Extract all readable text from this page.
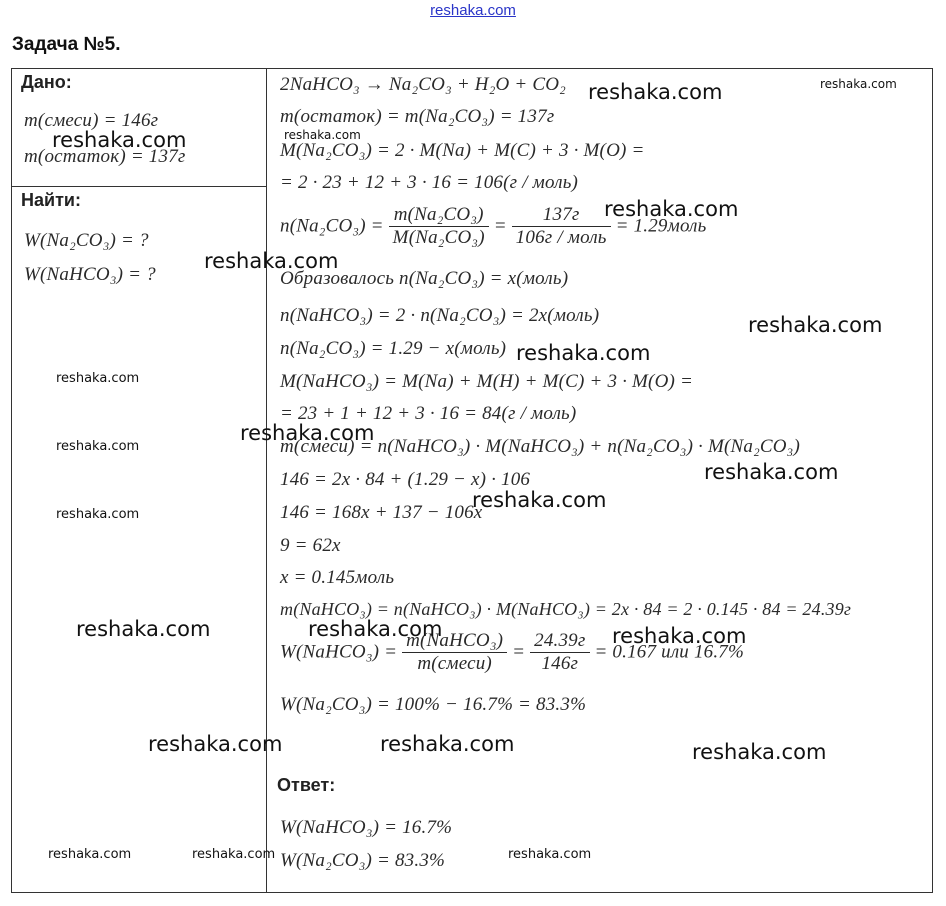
reshaka.com
Задача №5.
Дано:
m(смеси) = 146г
m(остаток) = 137г
Найти:
W(Na₂CO₃) = ?
W(NaHCO₃) = ?
2NaHCO₃ → Na₂CO₃ + H₂O + CO₂
m(остаток) = m(Na₂CO₃) = 137г
M(Na₂CO₃) = 2 · M(Na) + M(C) + 3 · M(O) =
= 2 · 23 + 12 + 3 · 16 = 106(г / моль)
$n(Na_2CO_3) = \frac{\text{m(Na₂CO₃)}}{\text{M(Na₂CO₃)}} = \frac{137г}{\text{106г / моль}}$ = 1.29моль
Образовалось n(Na₂CO₃) = x(моль)
n(NaHCO₃) = 2 · n(Na₂CO₃) = 2x(моль)
n(Na₂CO₃) = 1.29 − x(моль)
M(NaHCO₃) = M(Na) + M(H) + M(C) + 3 · M(O) =
= 23 + 1 + 12 + 3 · 16 = 84(г / моль)
m(смеси) = n(NaHCO₃) · M(NaHCO₃) + n(Na₂CO₃) · M(Na₂CO₃)
146 = 2x · 84 + (1.29 − x) · 106
146 = 168x + 137 − 106x
9 = 62x
x = 0.145моль
m(NaHCO₃) = n(NaHCO₃) · M(NaHCO₃) = 2x · 84 = 2 · 0.145 · 84 = 24.39г
W(NaHCO₃) = $\frac{\text{m(NaHCO₃)}}{\text{m(смеси)}} = \frac{24.39г}{146г} = 0.167$ или 16.7%
W(Na₂CO₃) = 100% − 16.7% = 83.3%
Ответ:
W(NaHCO₃) = 16.7%
W(Na₂CO₃) = 83.3%
reshaka.com	reshaka.com
reshaka.com	reshaka.com
reshaka.com
reshaka.com
reshaka.com
reshaka.com
reshaka.com
reshaka.com
reshaka.com
reshaka.com
reshaka.com
reshaka.com
reshaka.com	reshaka.com	reshaka.com
reshaka.com	reshaka.com	reshaka.com
reshaka.com	reshaka.com	reshaka.com
